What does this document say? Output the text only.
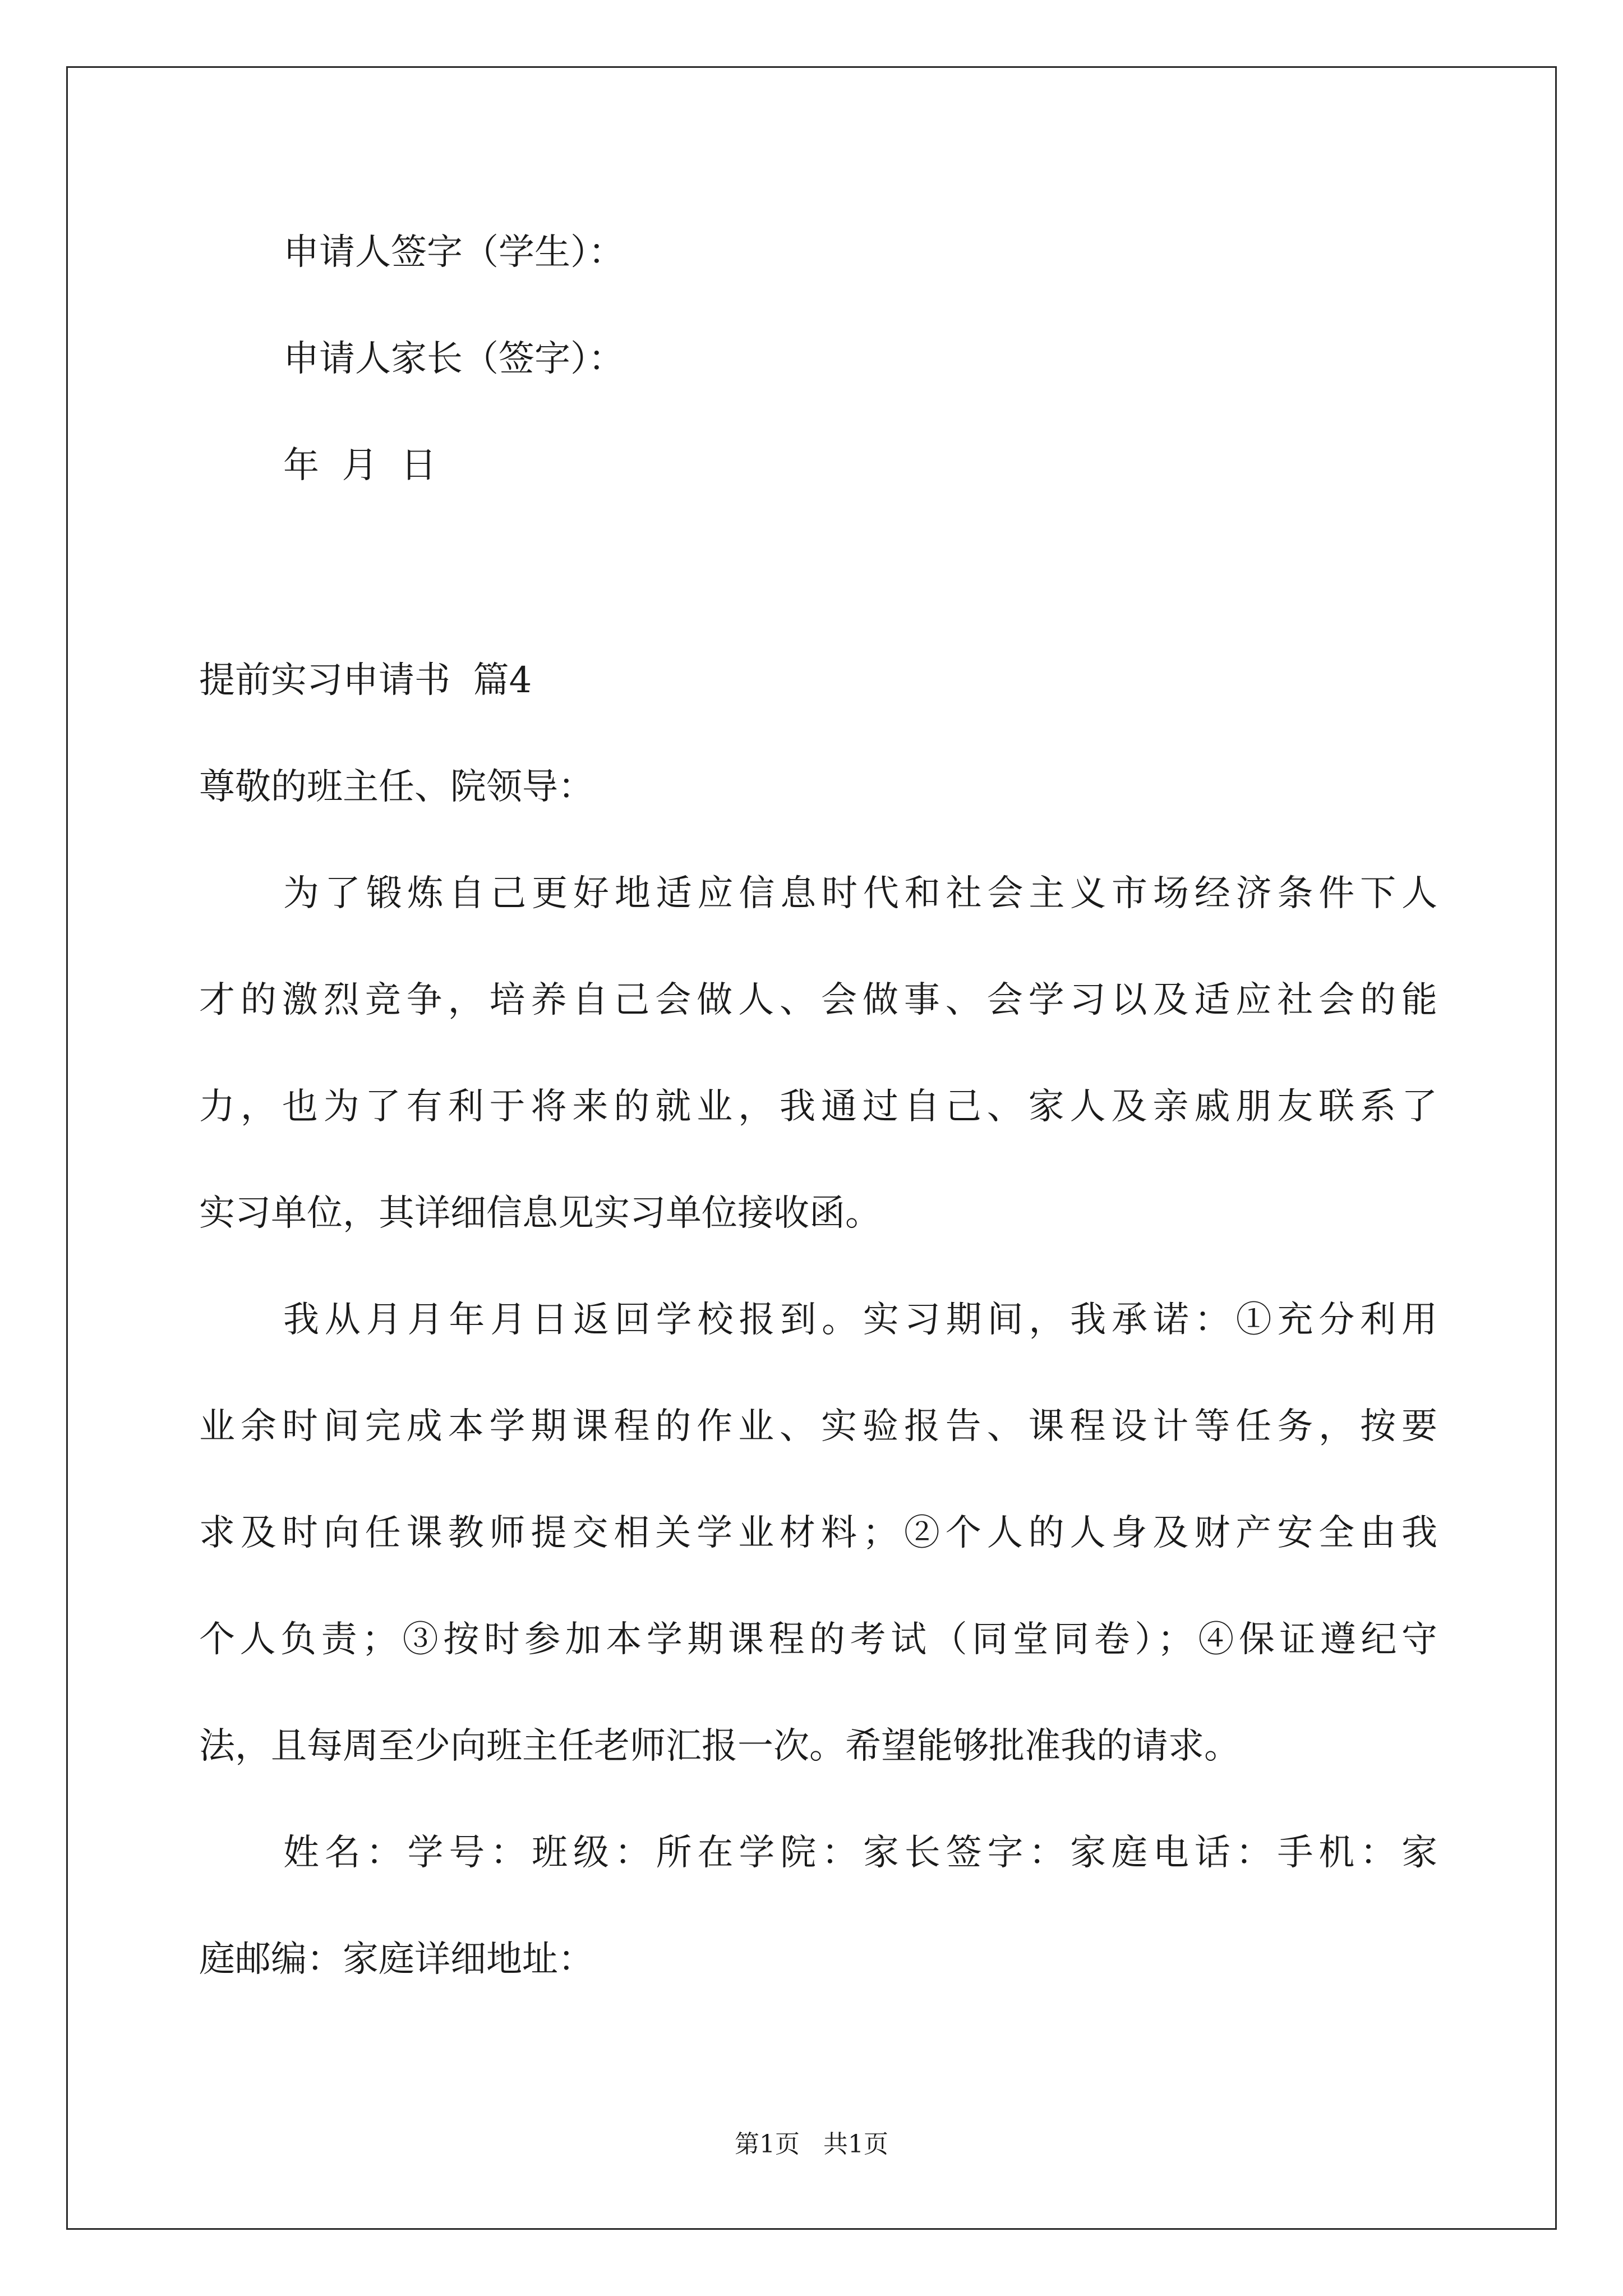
申请人签字（学生）：
申请人家长（签字）：
年  月  日
提前实习申请书  篇4
尊敬的班主任、院领导：
为了锻炼自己更好地适应信息时代和社会主义市场经济条件下人
才的激烈竞争，培养自己会做人、会做事、会学习以及适应社会的能
力，也为了有利于将来的就业，我通过自己、家人及亲戚朋友联系了
实习单位，其详细信息见实习单位接收函。
我从月月年月日返回学校报到。实习期间，我承诺：①充分利用
业余时间完成本学期课程的作业、实验报告、课程设计等任务，按要
求及时向任课教师提交相关学业材料；②个人的人身及财产安全由我
个人负责；③按时参加本学期课程的考试（同堂同卷）；④保证遵纪守
法，且每周至少向班主任老师汇报一次。希望能够批准我的请求。
姓名：学号：班级：所在学院：家长签字：家庭电话：手机：家
庭邮编：家庭详细地址：
第1页   共1页
